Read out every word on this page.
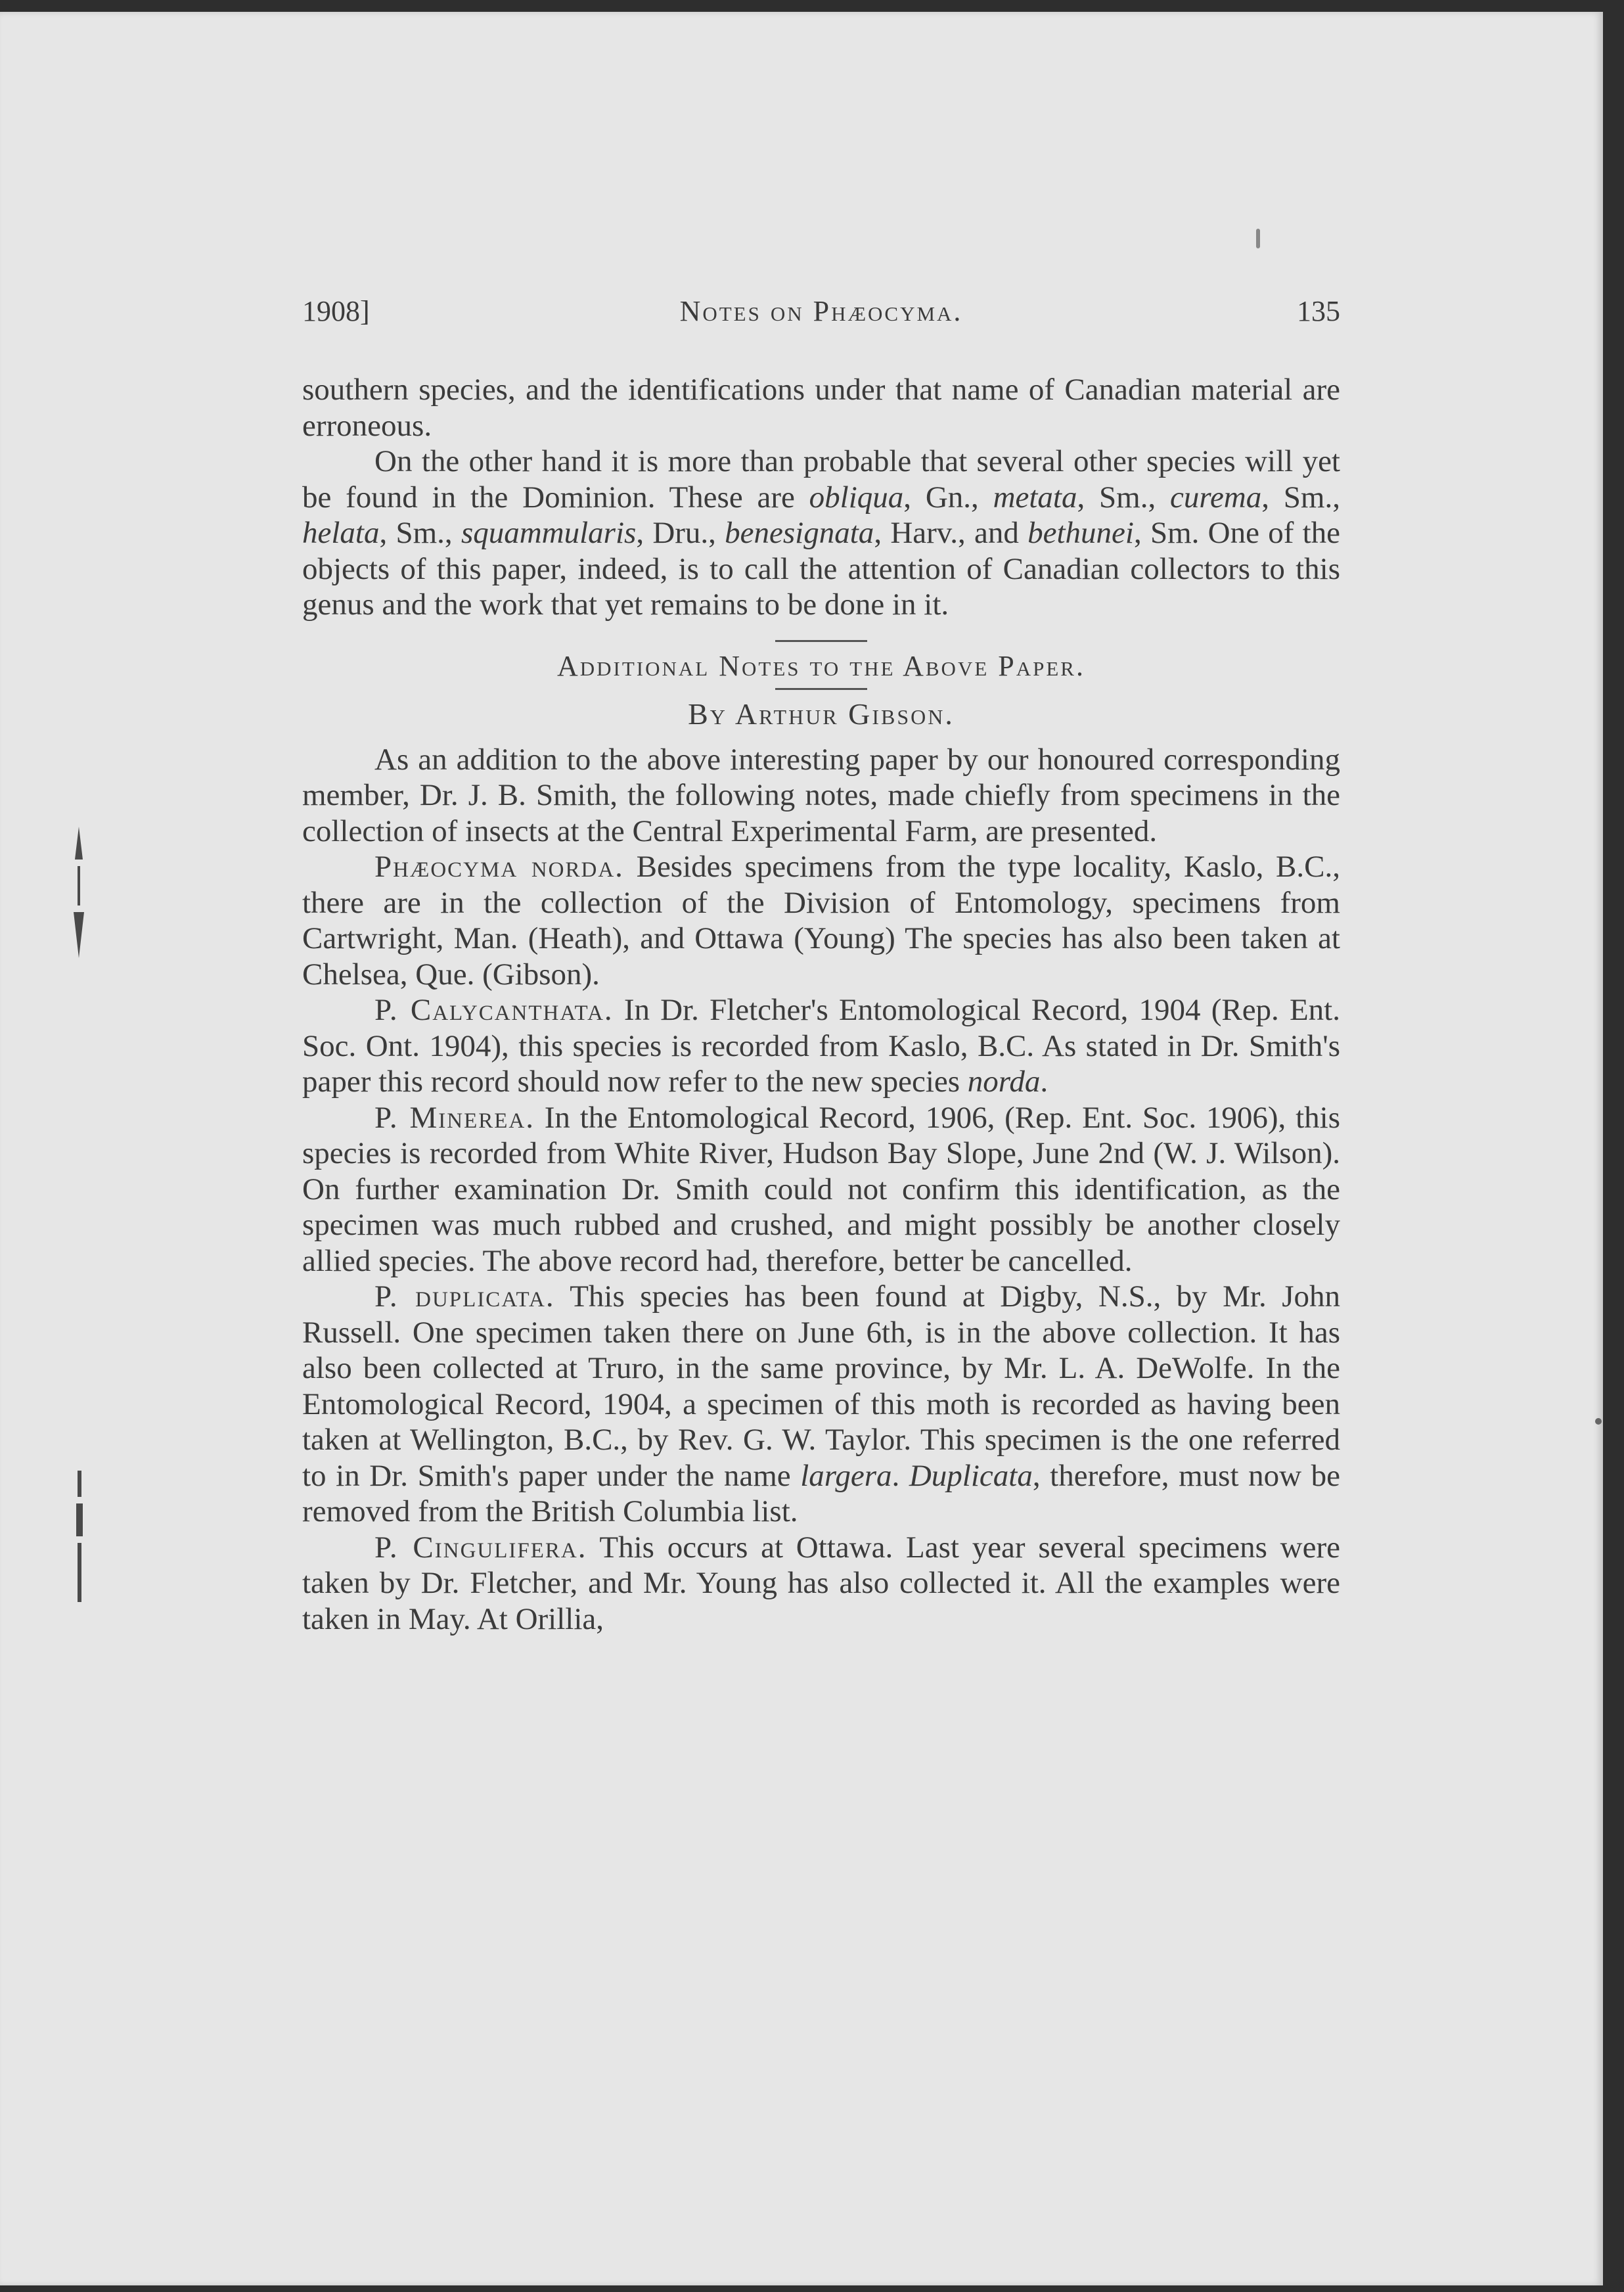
1908]	Notes on Phæocyma.	135

southern species, and the identifications under that name of Canadian material are erroneous.

On the other hand it is more than probable that several other species will yet be found in the Dominion. These are obliqua, Gn., metata, Sm., curema, Sm., helata, Sm., squammularis, Dru., benesignata, Harv., and bethunei, Sm. One of the objects of this paper, indeed, is to call the attention of Canadian collectors to this genus and the work that yet remains to be done in it.

Additional Notes to the Above Paper.
By Arthur Gibson.

As an addition to the above interesting paper by our honoured corresponding member, Dr. J. B. Smith, the following notes, made chiefly from specimens in the collection of insects at the Central Experimental Farm, are presented.

Phæocyma norda. Besides specimens from the type locality, Kaslo, B.C., there are in the collection of the Division of Entomology, specimens from Cartwright, Man. (Heath), and Ottawa (Young) The species has also been taken at Chelsea, Que. (Gibson).

P. Calycanthata. In Dr. Fletcher's Entomological Record, 1904 (Rep. Ent. Soc. Ont. 1904), this species is recorded from Kaslo, B.C. As stated in Dr. Smith's paper this record should now refer to the new species norda.

P. Minerea. In the Entomological Record, 1906, (Rep. Ent. Soc. 1906), this species is recorded from White River, Hudson Bay Slope, June 2nd (W. J. Wilson). On further examination Dr. Smith could not confirm this identification, as the specimen was much rubbed and crushed, and might possibly be another closely allied species. The above record had, therefore, better be cancelled.

P. duplicata. This species has been found at Digby, N.S., by Mr. John Russell. One specimen taken there on June 6th, is in the above collection. It has also been collected at Truro, in the same province, by Mr. L. A. DeWolfe. In the Entomological Record, 1904, a specimen of this moth is recorded as having been taken at Wellington, B.C., by Rev. G. W. Taylor. This specimen is the one referred to in Dr. Smith's paper under the name largera. Duplicata, therefore, must now be removed from the British Columbia list.

P. Cingulifera. This occurs at Ottawa. Last year several specimens were taken by Dr. Fletcher, and Mr. Young has also collected it. All the examples were taken in May. At Orillia,
